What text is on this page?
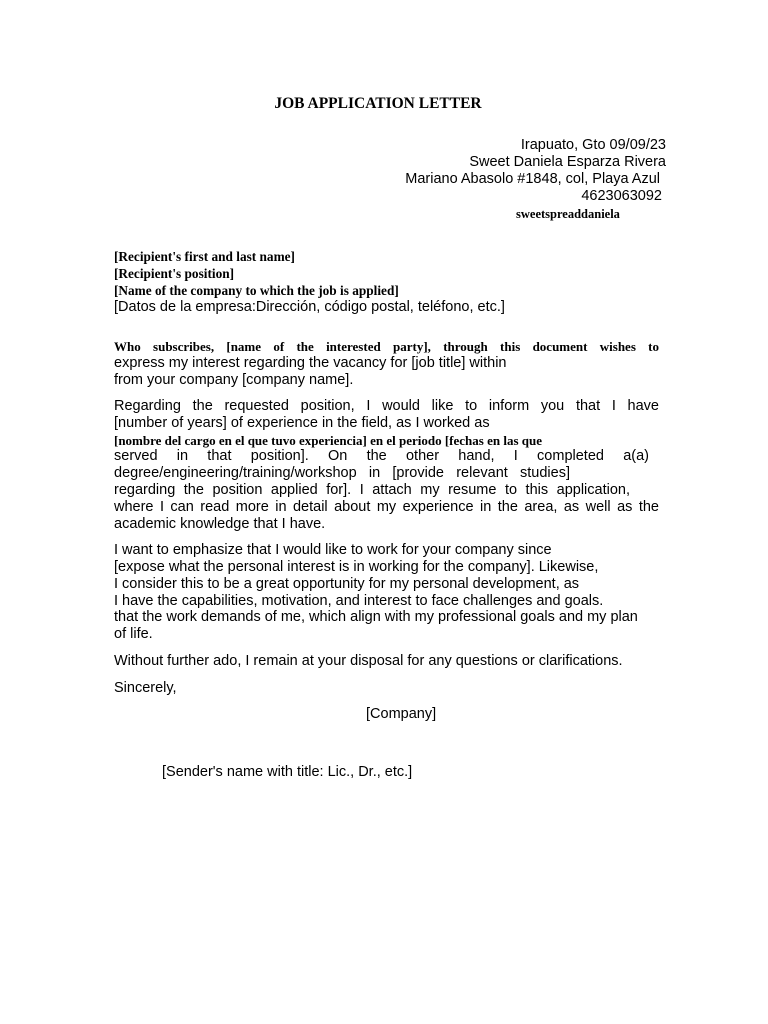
JOB APPLICATION LETTER
Irapuato, Gto 09/09/23
Sweet Daniela Esparza Rivera
Mariano Abasolo #1848, col, Playa Azul
4623063092
sweetspreaddaniela
[Recipient's first and last name]
[Recipient's position]
[Name of the company to which the job is applied]
[Datos de la empresa:Dirección, código postal, teléfono, etc.]
Who subscribes, [name of the interested party], through this document wishes to
express my interest regarding the vacancy for [job title] within
from your company [company name].
Regarding the requested position, I would like to inform you that I have
[number of years] of experience in the field, as I worked as
[nombre del cargo en el que tuvo experiencia] en el periodo [fechas en las que
served in that position]. On the other hand, I completed a(a)
degree/engineering/training/workshop in [provide relevant studies]
regarding the position applied for]. I attach my resume to this application,
where I can read more in detail about my experience in the area, as well as the
academic knowledge that I have.
I want to emphasize that I would like to work for your company since
[expose what the personal interest is in working for the company]. Likewise,
I consider this to be a great opportunity for my personal development, as
I have the capabilities, motivation, and interest to face challenges and goals.
that the work demands of me, which align with my professional goals and my plan
of life.
Without further ado, I remain at your disposal for any questions or clarifications.
Sincerely,
[Company]
[Sender's name with title: Lic., Dr., etc.]
